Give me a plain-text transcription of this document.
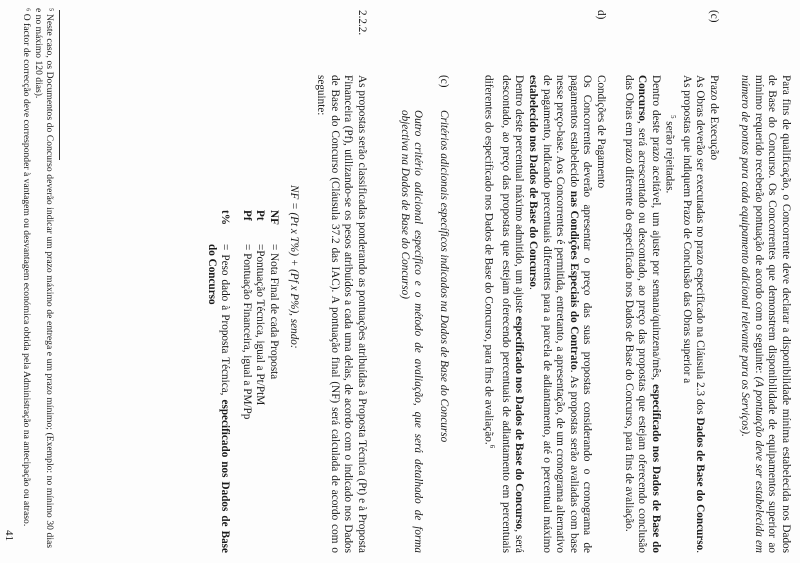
Para fins de qualificação, o Concorrente deve declarar a disponibilidade mínima estabelecida nos Dados de Base do Concurso. Os Concorrentes que demonstrem disponibilidade de equipamentos superior ao mínimo requerido receberão pontuação de acordo com o seguinte: (A pontuação deve ser estabelecida em número de pontos para cada equipamento adicional relevante para os Serviços).

(c)

Prazo de Execução

As Obras deverão ser executadas no prazo especificado na Cláusula 2.3 dos Dados de Base do Concurso. As propostas que indiquem Prazo de Conclusão das Obras superior a

$^5$ serão rejeitadas.

Dentro deste prazo aceitável, um ajuste por semana/quinzena/mês, especificado nos Dados de Base do Concurso, será acrescentado ou descontado, ao preço das propostas que estejam oferecendo conclusão das Obras em prazo diferente do especificado nos Dados de Base do Concurso, para fins de avaliação.

d)

Condições de Pagamento

Os Concorrentes deverão apresentar o preço das suas propostas considerando o cronograma de pagamentos estabelecido nas Condições Especiais do Contrato. As propostas serão avaliadas com base nesse preço-base. Aos Concorrentes é permitida, entretanto, a apresentação, de um cronograma alternativo de pagamento, indicando percentuais diferentes para a parcela de adiantamento, até o percentual máximo estabelecido nos Dados de Base do Concurso.

Dentro deste percentual máximo admitido, um ajuste especificado nos Dados de Base do Concurso, será descontado, ao preço das propostas que estejam oferecendo percentuais de adiantamento em percentuais diferentes do especificado nos Dados de Base do Concurso, para fins de avaliação.$^6$

(c)

Critérios adicionais específicos indicados na Dados de Base do Concurso

Outro critério adicional específico e o método de avaliação, que será detalhado de forma objectiva na Dados de Base do Concurso)

2.2.2.
As propostas serão classificadas ponderando as pontuações atribuídas à Proposta Técnica (Pt) e à Proposta Financeira (Pf), utilizando-se os pesos atribuídos a cada uma delas, de acordo com o indicado nos Dados de Base do Concurso (Cláusula 37.2 das IAC). A pontuação final (NF) será calculada de acordo com o seguinte:
NF = (Pt x T%) + (Pf x P%), sendo:
NF
= Nota Final de cada Proposta
Pt
=Pontuação Técnica, igual a Pt/PtM
Pf
= Pontuação Financeira, igual a PM/Pp
t%
= Peso dado à Proposta Técnica, especificado nos Dados de Base do Concurso
⁵ Neste caso, os Documentos do Concurso deverão indicar um prazo máximo de entrega e um prazo mínimo; (Exemplo: no mínimo 30 dias e no máximo 120 dias).
⁶ O factor de correcção deve corresponder à vantagem ou desvantagem económica obtida pela Administração na antecipação ou atraso.
41
